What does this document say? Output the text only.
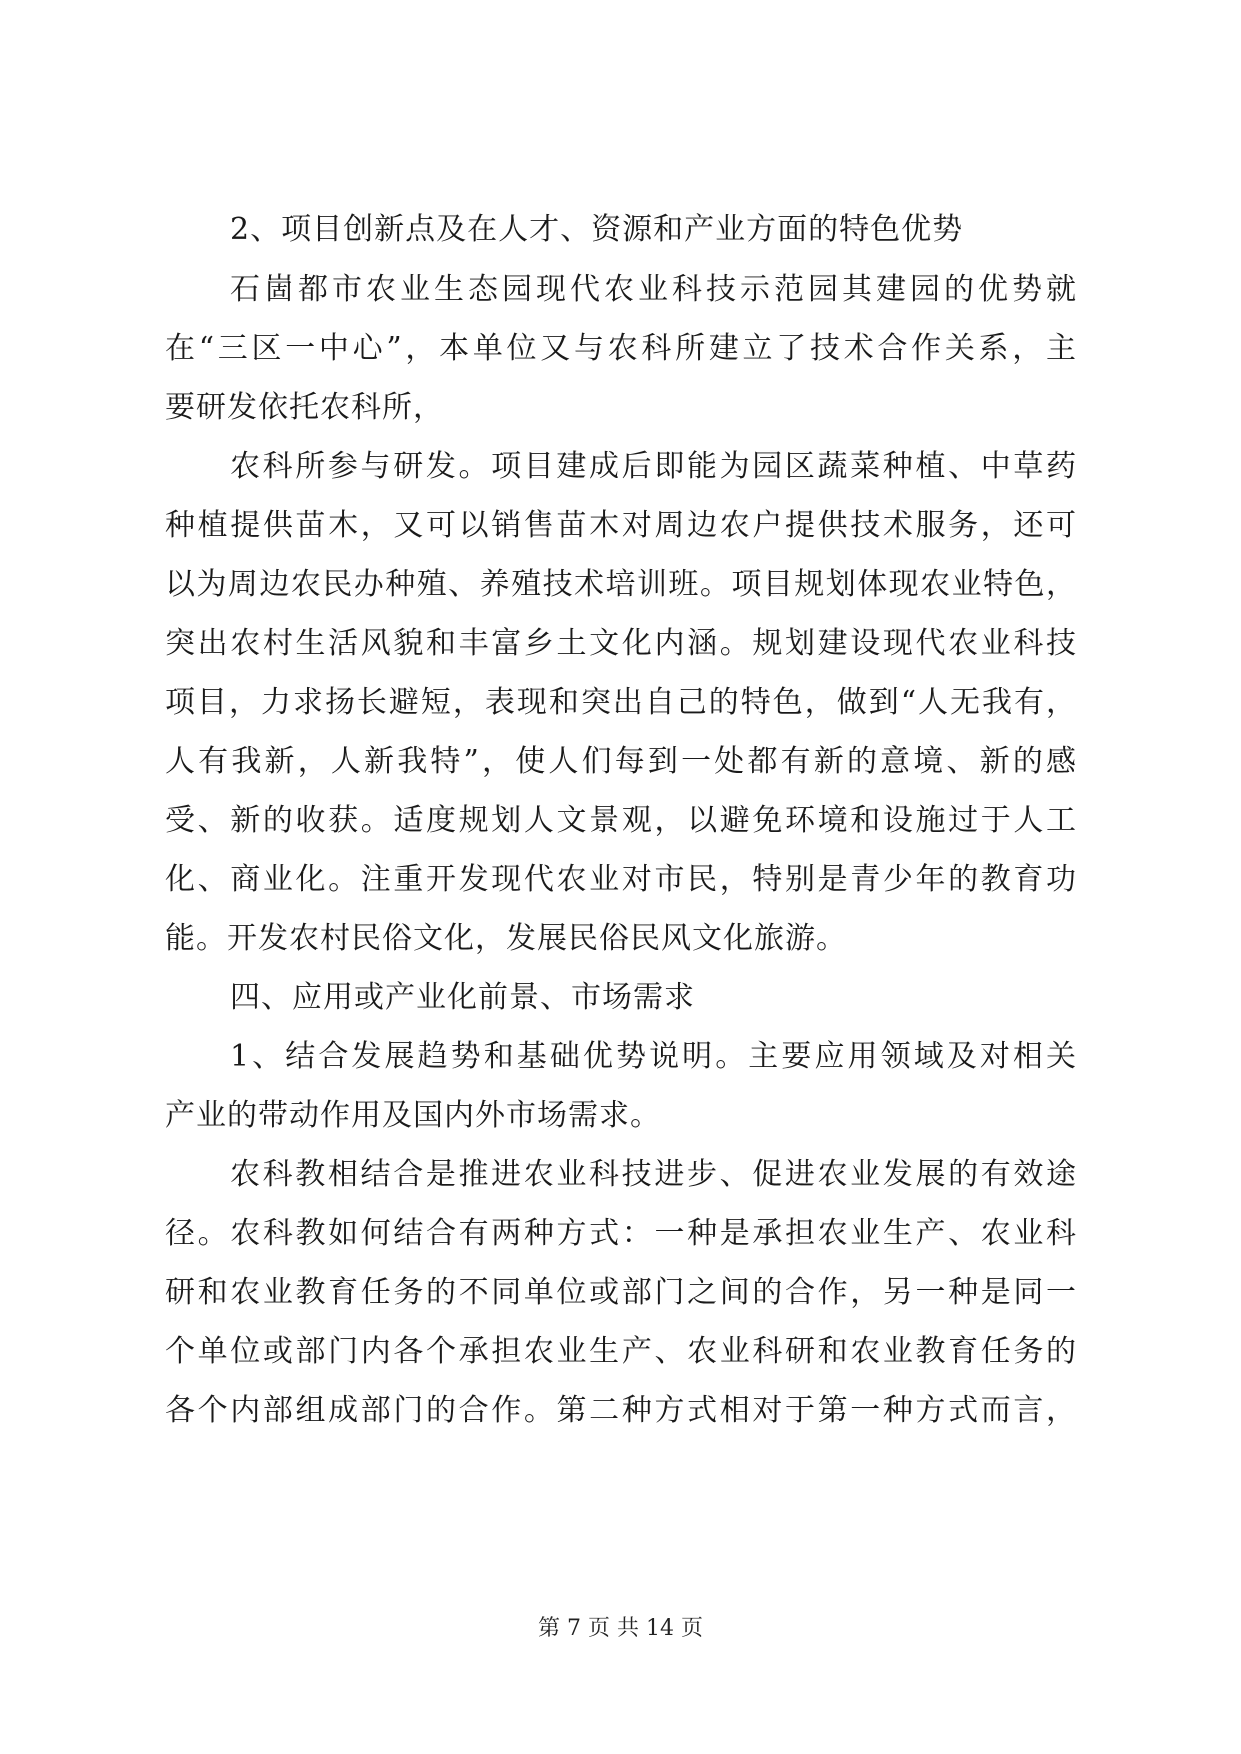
2、项目创新点及在人才、资源和产业方面的特色优势
石崮都市农业生态园现代农业科技示范园其建园的优势就
在“三区一中心”，本单位又与农科所建立了技术合作关系，主
要研发依托农科所，
农科所参与研发。项目建成后即能为园区蔬菜种植、中草药
种植提供苗木，又可以销售苗木对周边农户提供技术服务，还可
以为周边农民办种殖、养殖技术培训班。项目规划体现农业特色，
突出农村生活风貌和丰富乡土文化内涵。规划建设现代农业科技
项目，力求扬长避短，表现和突出自己的特色，做到“人无我有，
人有我新，人新我特”，使人们每到一处都有新的意境、新的感
受、新的收获。适度规划人文景观，以避免环境和设施过于人工
化、商业化。注重开发现代农业对市民，特别是青少年的教育功
能。开发农村民俗文化，发展民俗民风文化旅游。
四、应用或产业化前景、市场需求
1、结合发展趋势和基础优势说明。主要应用领域及对相关
产业的带动作用及国内外市场需求。
农科教相结合是推进农业科技进步、促进农业发展的有效途
径。农科教如何结合有两种方式：一种是承担农业生产、农业科
研和农业教育任务的不同单位或部门之间的合作，另一种是同一
个单位或部门内各个承担农业生产、农业科研和农业教育任务的
各个内部组成部门的合作。第二种方式相对于第一种方式而言，
第 7 页 共 14 页
